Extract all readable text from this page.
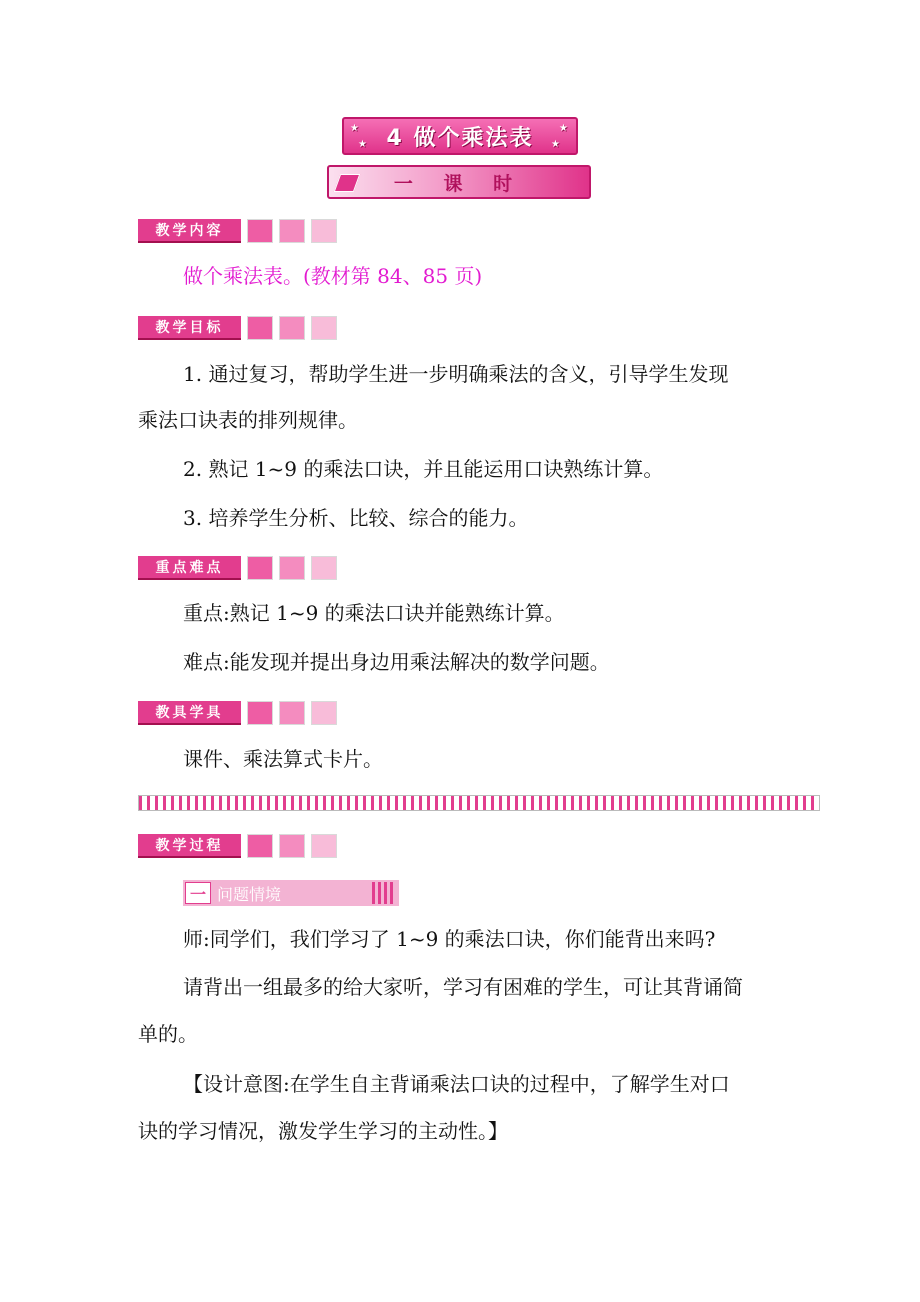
★
★
★
★
4 做个乘法表
一 课 时
教学内容
做个乘法表。(教材第 84、85 页)
教学目标
1. 通过复习，帮助学生进一步明确乘法的含义，引导学生发现
乘法口诀表的排列规律。
2. 熟记 1~9 的乘法口诀，并且能运用口诀熟练计算。
3. 培养学生分析、比较、综合的能力。
重点难点
重点:熟记 1~9 的乘法口诀并能熟练计算。
难点:能发现并提出身边用乘法解决的数学问题。
教具学具
课件、乘法算式卡片。
教学过程
一 问题情境
师:同学们，我们学习了 1~9 的乘法口诀，你们能背出来吗?
请背出一组最多的给大家听，学习有困难的学生，可让其背诵简
单的。
【设计意图:在学生自主背诵乘法口诀的过程中，了解学生对口
诀的学习情况，激发学生学习的主动性。】
